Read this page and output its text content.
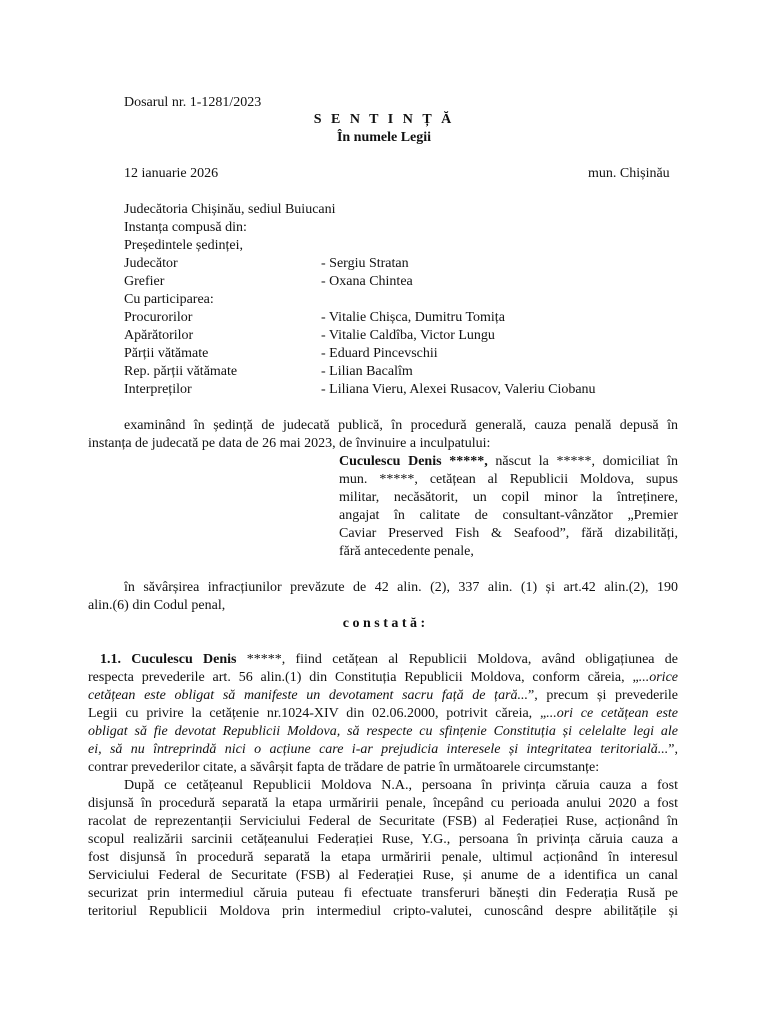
Dosarul nr. 1-1281/2023
S E N T I N Ț Ă
În numele Legii
12 ianuarie 2026	mun. Chișinău
Judecătoria Chișinău, sediul Buiucani
Instanța compusă din:
Președintele ședinței,
Judecător	- Sergiu Stratan
Grefier	- Oxana Chintea
Cu participarea:
Procurorilor	- Vitalie Chișca, Dumitru Tomița
Apărătorilor	- Vitalie Caldîba, Victor Lungu
Părții vătămate	- Eduard Pincevschii
Rep. părții vătămate	- Lilian Bacalîm
Interpreților	- Liliana Vieru, Alexei Rusacov, Valeriu Ciobanu
examinând în ședință de judecată publică, în procedură generală, cauza penală depusă în
instanța de judecată pe data de 26 mai 2023, de învinuire a inculpatului:
Cuculescu Denis *****, născut la *****, domiciliat în
mun. *****, cetățean al Republicii Moldova, supus
militar, necăsătorit, un copil minor la întreținere,
angajat în calitate de consultant-vânzător „Premier
Caviar Preserved Fish & Seafood”, fără dizabilități,
fără antecedente penale,
în săvârșirea infracțiunilor prevăzute de 42 alin. (2), 337 alin. (1) și art.42 alin.(2), 190
alin.(6) din Codul penal,
c o n s t a t ă :
1.1. Cuculescu Denis *****, fiind cetățean al Republicii Moldova, având obligațiunea de
respecta prevederile art. 56 alin.(1) din Constituția Republicii Moldova, conform căreia, „...orice
cetățean este obligat să manifeste un devotament sacru față de țară...”, precum și prevederile
Legii cu privire la cetățenie nr.1024-XIV din 02.06.2000, potrivit căreia, „...ori ce cetățean este
obligat să fie devotat Republicii Moldova, să respecte cu sfințenie Constituția și celelalte legi ale
ei, să nu întreprindă nici o acțiune care i-ar prejudicia interesele și integritatea teritorială...”,
contrar prevederilor citate, a săvârșit fapta de trădare de patrie în următoarele circumstanțe:
După ce cetățeanul Republicii Moldova N.A., persoana în privința căruia cauza a fost
disjunsă în procedură separată la etapa urmăririi penale, începând cu perioada anului 2020 a fost
racolat de reprezentanții Serviciului Federal de Securitate (FSB) al Federației Ruse, acționând în
scopul realizării sarcinii cetățeanului Federației Ruse, Y.G., persoana în privința căruia cauza a
fost disjunsă în procedură separată la etapa urmăririi penale, ultimul acționând în interesul
Serviciului Federal de Securitate (FSB) al Federației Ruse, și anume de a identifica un canal
securizat prin intermediul căruia puteau fi efectuate transferuri bănești din Federația Rusă pe
teritoriul Republicii Moldova prin intermediul cripto-valutei, cunoscând despre abilitățile și
